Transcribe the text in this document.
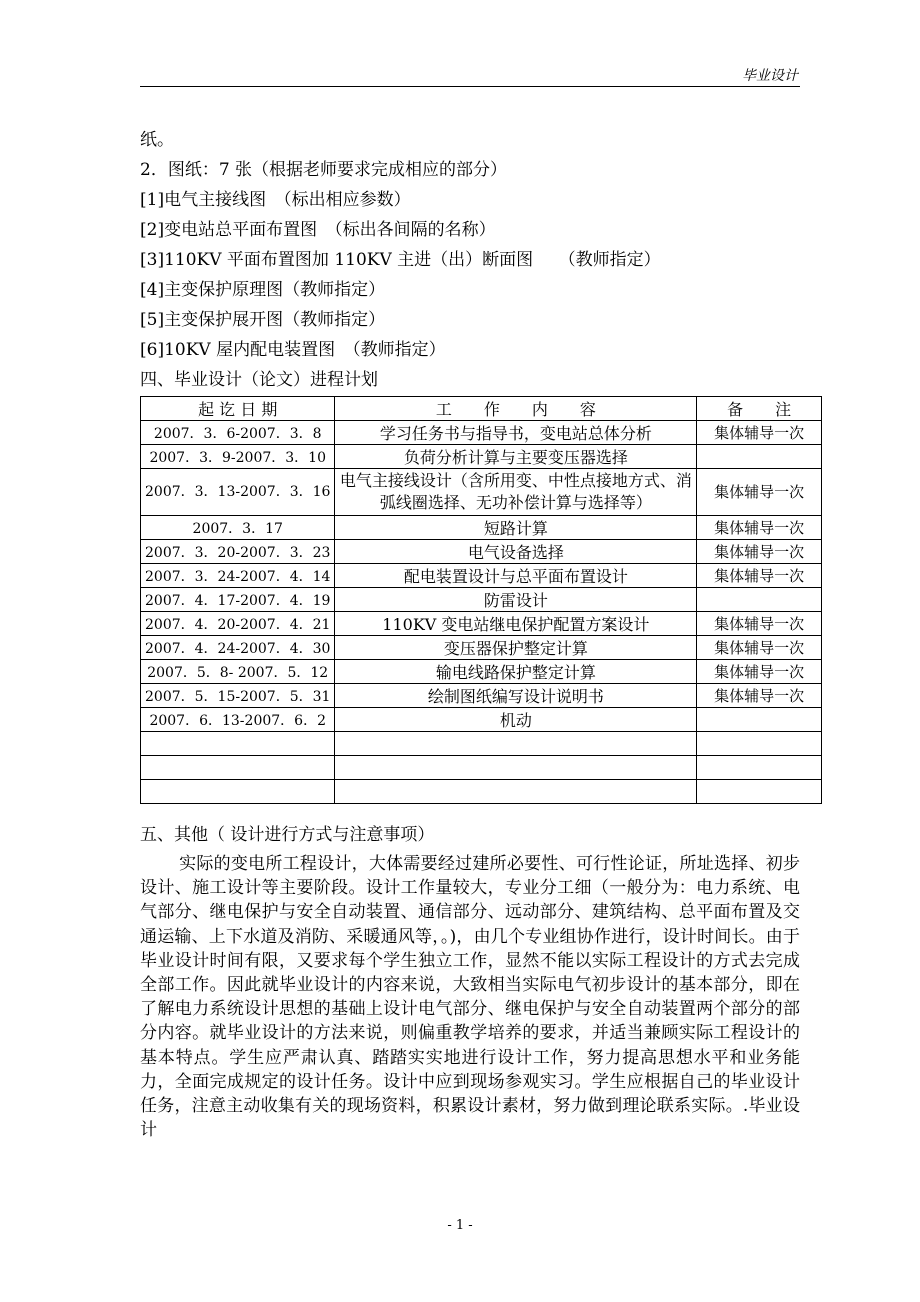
毕业设计
纸。
2．图纸：7 张（根据老师要求完成相应的部分）
[1]电气主接线图　（标出相应参数）
[2]变电站总平面布置图　（标出各间隔的名称）
[3]110KV 平面布置图加 110KV 主进（出）断面图　　（教师指定）
[4]主变保护原理图（教师指定）
[5]主变保护展开图（教师指定）
[6]10KV 屋内配电装置图　（教师指定）
四、毕业设计（论文）进程计划
起 讫 日 期	工　　作　　内　　容	备　　注
2007．3．6-2007．3．8	学习任务书与指导书，变电站总体分析	集体辅导一次
2007．3．9-2007．3．10	负荷分析计算与主要变压器选择	
2007．3．13-2007．3．16	电气主接线设计（含所用变、中性点接地方式、消弧线圈选择、无功补偿计算与选择等）	集体辅导一次
2007．3．17	短路计算	集体辅导一次
2007．3．20-2007．3．23	电气设备选择	集体辅导一次
2007．3．24-2007．4．14	配电装置设计与总平面布置设计	集体辅导一次
2007．4．17-2007．4．19	防雷设计	
2007．4．20-2007．4．21	110KV 变电站继电保护配置方案设计	集体辅导一次
2007．4．24-2007．4．30	变压器保护整定计算	集体辅导一次
2007．5．8- 2007．5．12	输电线路保护整定计算	集体辅导一次
2007．5．15-2007．5．31	绘制图纸编写设计说明书	集体辅导一次
2007．6．13-2007．6．2	机动	

五、其他（ 设计进行方式与注意事项）
实际的变电所工程设计，大体需要经过建所必要性、可行性论证，所址选择、初步设计、施工设计等主要阶段。设计工作量较大，专业分工细（一般分为：电力系统、电气部分、继电保护与安全自动装置、通信部分、远动部分、建筑结构、总平面布置及交通运输、上下水道及消防、采暖通风等，。)，由几个专业组协作进行，设计时间长。由于毕业设计时间有限，又要求每个学生独立工作，显然不能以实际工程设计的方式去完成全部工作。因此就毕业设计的内容来说，大致相当实际电气初步设计的基本部分，即在了解电力系统设计思想的基础上设计电气部分、继电保护与安全自动装置两个部分的部分内容。就毕业设计的方法来说，则偏重教学培养的要求，并适当兼顾实际工程设计的基本特点。学生应严肃认真、踏踏实实地进行设计工作，努力提高思想水平和业务能力，全面完成规定的设计任务。设计中应到现场参观实习。学生应根据自己的毕业设计任务，注意主动收集有关的现场资料，积累设计素材，努力做到理论联系实际。.毕业设计
- 1 -
